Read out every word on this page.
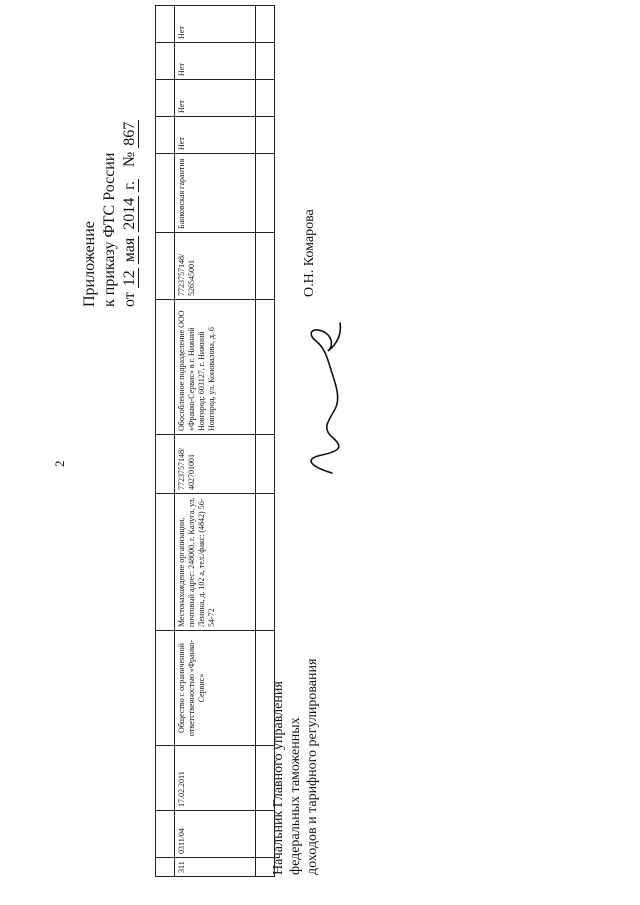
2
Приложение к приказу ФТС России от 12 мая 2014 г.   № 867

311	0311/04	17.02.2011	Общество с ограниченной ответственностью «Франко-Сервис»	Местонахождение организации, почтовый адрес: 248000, г. Калуга, ул. Ленина, д. 102 а, тел./факс: (4842) 56-54-72	7723757148/ 402701001	Обособленное подразделение ООО «Франко-Сервис» в г. Нижний Новгород: 603127, г. Нижний Новгород, ул. Коновалова, д. 6	7723757148/ 526545001	Банковская гарантия	Нет	Нет	Нет	Нет

Начальник Главного управления федеральных таможенных доходов и тарифного регулирования
О.Н. Комарова
